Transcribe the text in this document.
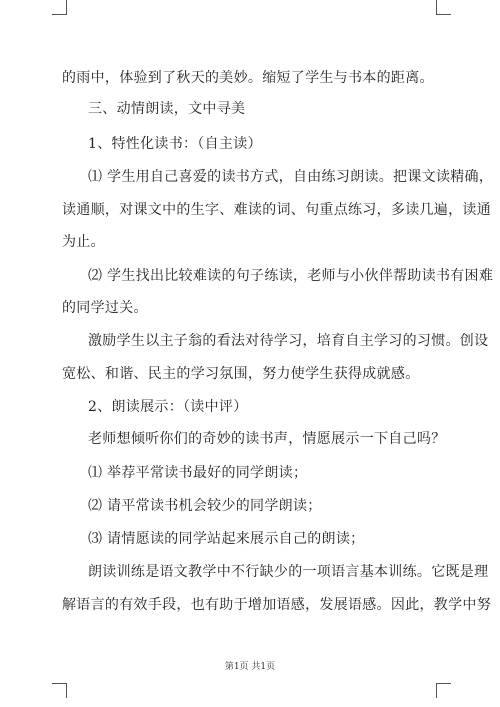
的雨中，体验到了秋天的美妙。缩短了学生与书本的距离。
三、动情朗读，文中寻美
1、特性化读书：（自主读）
⑴ 学生用自己喜爱的读书方式，自由练习朗读。把课文读精确，
读通顺，对课文中的生字、难读的词、句重点练习，多读几遍，读通
为止。
⑵ 学生找出比较难读的句子练读，老师与小伙伴帮助读书有困难
的同学过关。
激励学生以主子翁的看法对待学习，培育自主学习的习惯。创设
宽松、和谐、民主的学习氛围，努力使学生获得成就感。
2、朗读展示：（读中评）
老师想倾听你们的奇妙的读书声，情愿展示一下自己吗？
⑴ 举荐平常读书最好的同学朗读；
⑵ 请平常读书机会较少的同学朗读；
⑶ 请情愿读的同学站起来展示自己的朗读；
朗读训练是语文教学中不行缺少的一项语言基本训练。它既是理
解语言的有效手段，也有助于增加语感，发展语感。因此，教学中努
第1页 共1页
